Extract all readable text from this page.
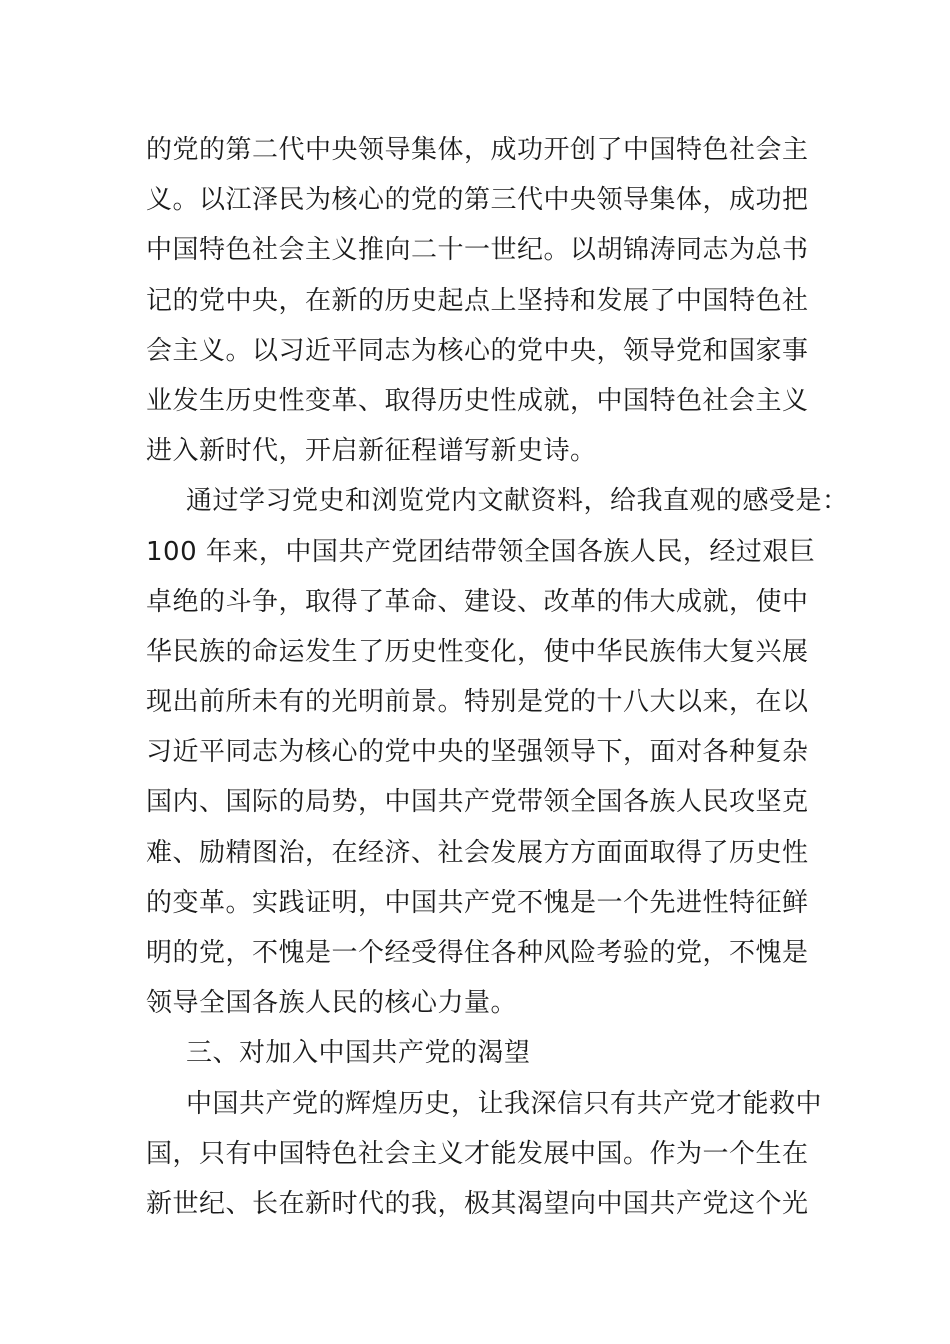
的党的第二代中央领导集体，成功开创了中国特色社会主
义。以江泽民为核心的党的第三代中央领导集体，成功把
中国特色社会主义推向二十一世纪。以胡锦涛同志为总书
记的党中央，在新的历史起点上坚持和发展了中国特色社
会主义。以习近平同志为核心的党中央，领导党和国家事
业发生历史性变革、取得历史性成就，中国特色社会主义
进入新时代，开启新征程谱写新史诗。
通过学习党史和浏览党内文献资料，给我直观的感受是：
100 年来，中国共产党团结带领全国各族人民，经过艰巨
卓绝的斗争，取得了革命、建设、改革的伟大成就，使中
华民族的命运发生了历史性变化，使中华民族伟大复兴展
现出前所未有的光明前景。特别是党的十八大以来，在以
习近平同志为核心的党中央的坚强领导下，面对各种复杂
国内、国际的局势，中国共产党带领全国各族人民攻坚克
难、励精图治，在经济、社会发展方方面面取得了历史性
的变革。实践证明，中国共产党不愧是一个先进性特征鲜
明的党，不愧是一个经受得住各种风险考验的党，不愧是
领导全国各族人民的核心力量。
三、对加入中国共产党的渴望
中国共产党的辉煌历史，让我深信只有共产党才能救中
国，只有中国特色社会主义才能发展中国。作为一个生在
新世纪、长在新时代的我，极其渴望向中国共产党这个光
